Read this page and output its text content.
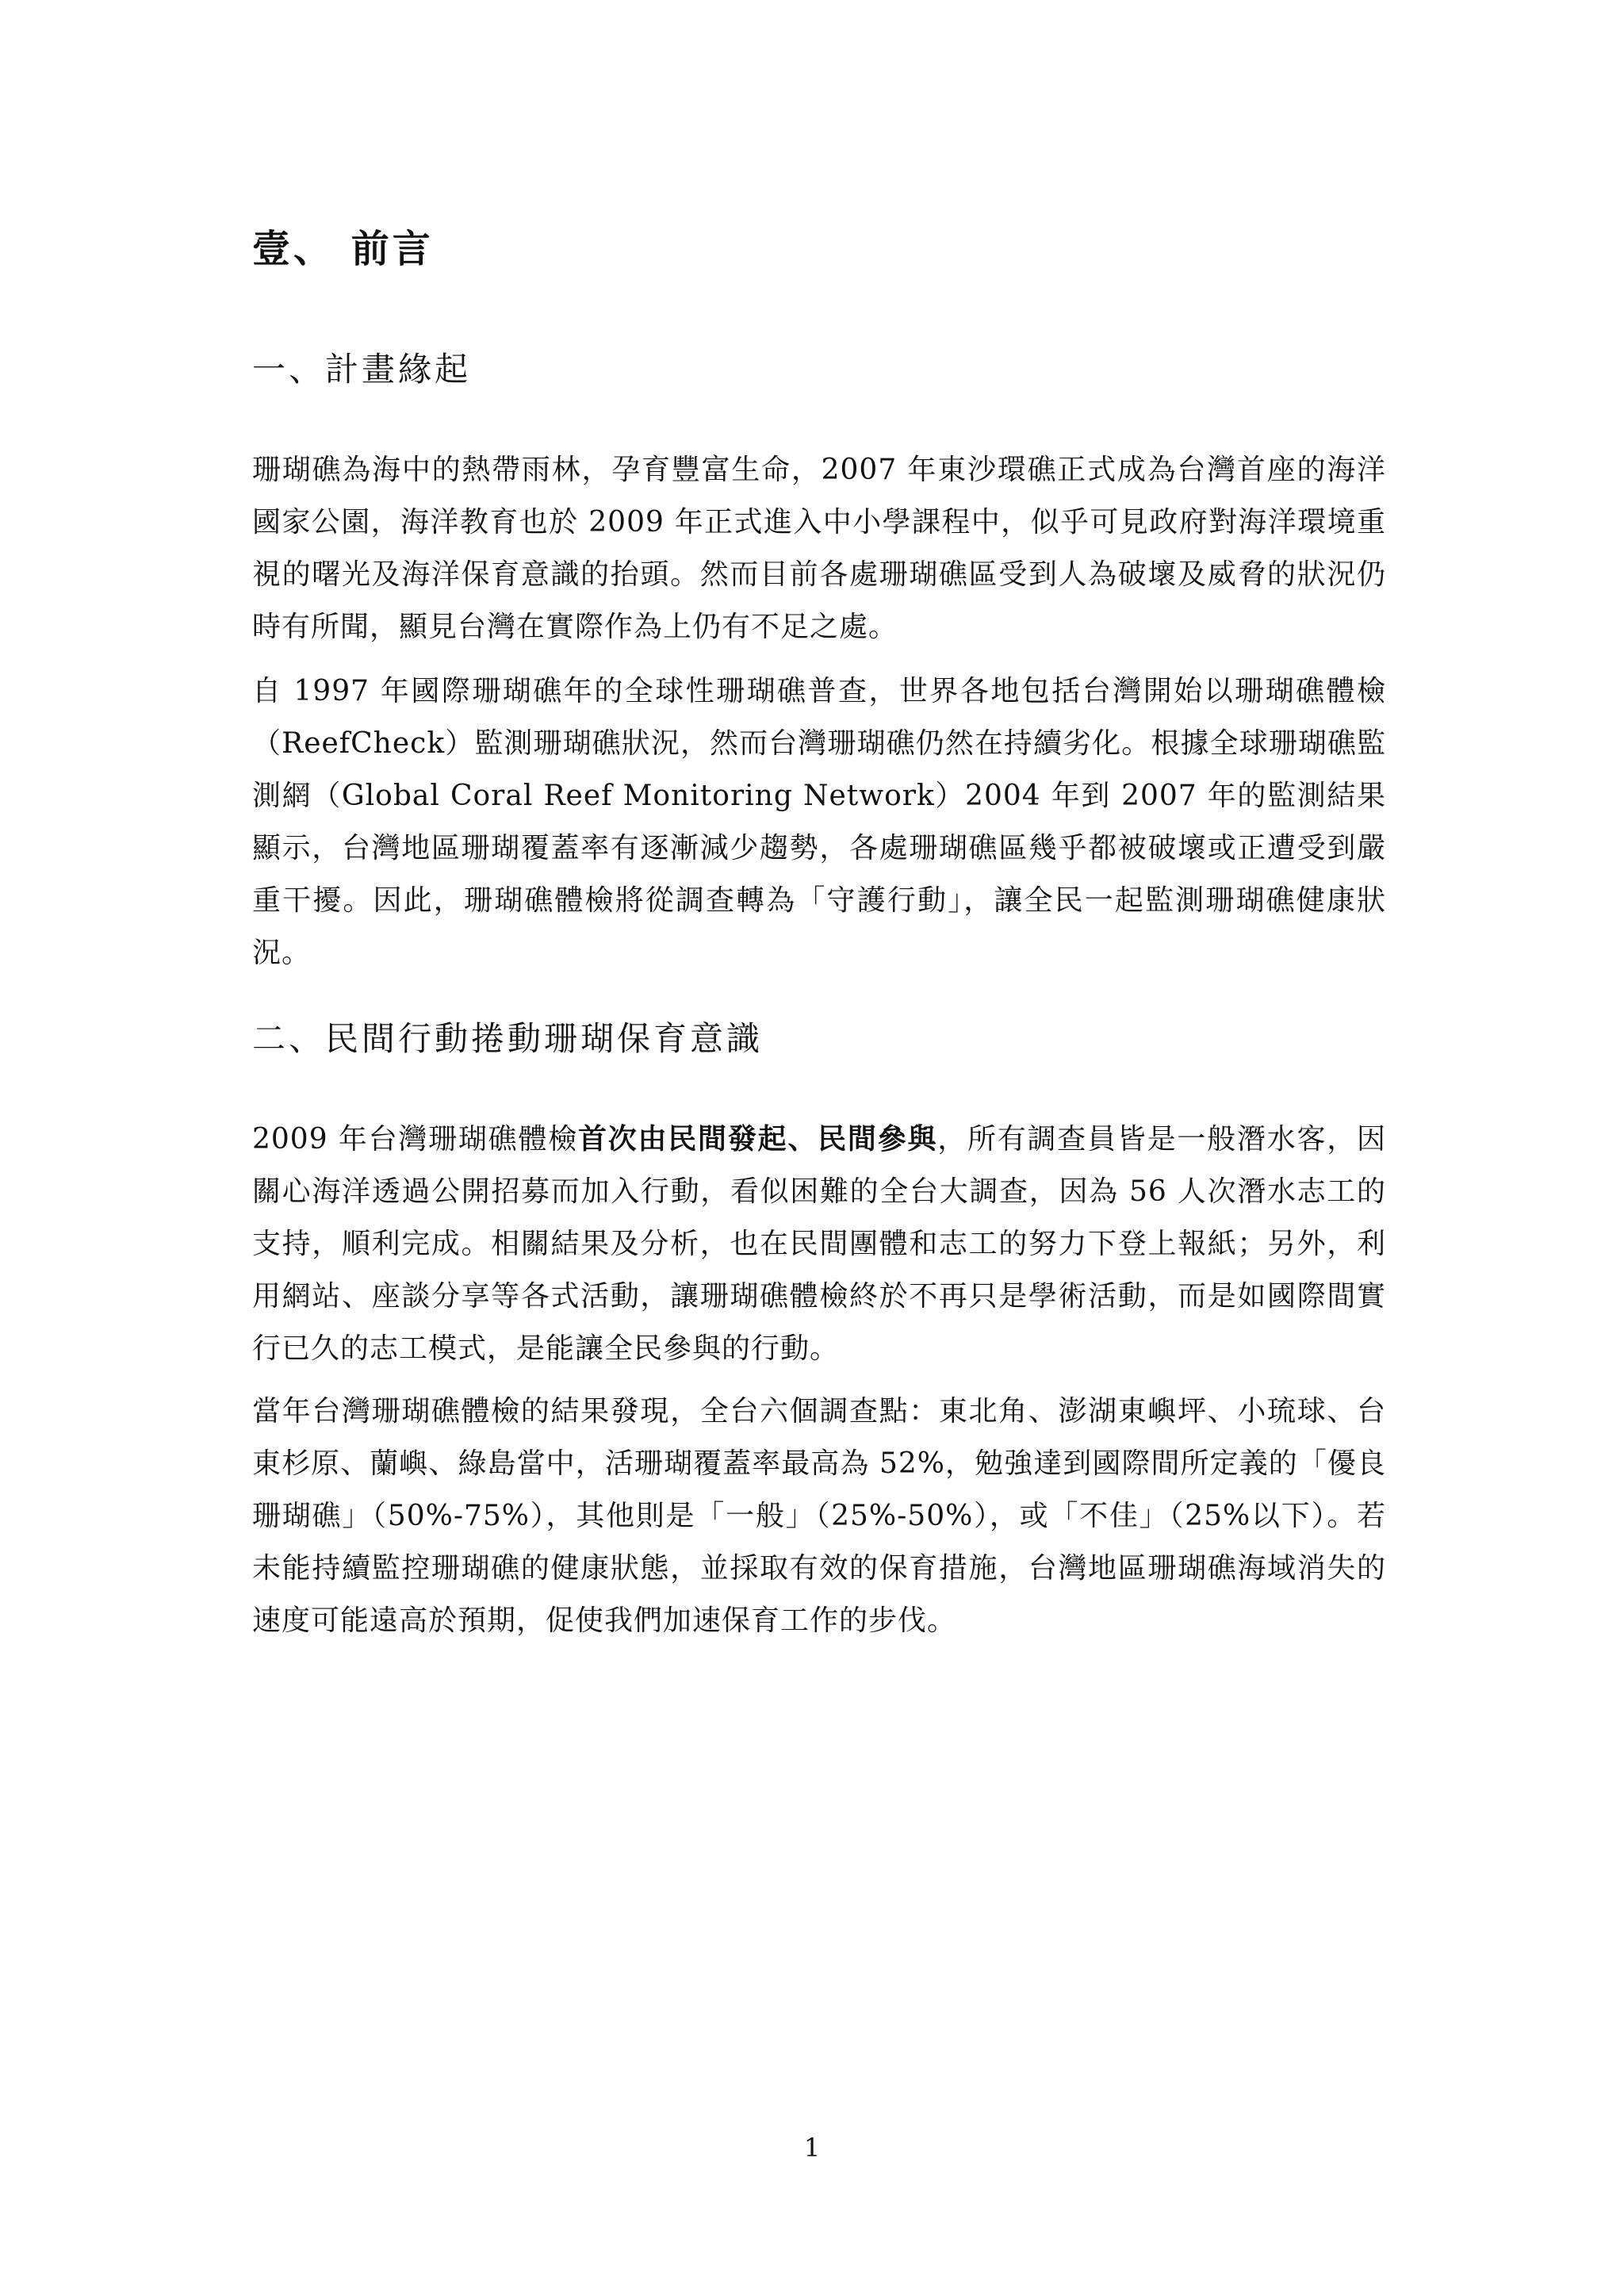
壹、 前言
一、計畫緣起

珊瑚礁為海中的熱帶雨林，孕育豐富生命，2007 年東沙環礁正式成為台灣首座的海洋國家公園，海洋教育也於 2009 年正式進入中小學課程中，似乎可見政府對海洋環境重視的曙光及海洋保育意識的抬頭。然而目前各處珊瑚礁區受到人為破壞及威脅的狀況仍時有所聞，顯見台灣在實際作為上仍有不足之處。

自 1997 年國際珊瑚礁年的全球性珊瑚礁普查，世界各地包括台灣開始以珊瑚礁體檢（ReefCheck）監測珊瑚礁狀況，然而台灣珊瑚礁仍然在持續劣化。根據全球珊瑚礁監測網（Global Coral Reef Monitoring Network）2004 年到 2007 年的監測結果顯示，台灣地區珊瑚覆蓋率有逐漸減少趨勢，各處珊瑚礁區幾乎都被破壞或正遭受到嚴重干擾。因此，珊瑚礁體檢將從調查轉為「守護行動」，讓全民一起監測珊瑚礁健康狀況。

二、民間行動捲動珊瑚保育意識

2009 年台灣珊瑚礁體檢首次由民間發起、民間參與，所有調查員皆是一般潛水客，因關心海洋透過公開招募而加入行動，看似困難的全台大調查，因為 56 人次潛水志工的支持，順利完成。相關結果及分析，也在民間團體和志工的努力下登上報紙；另外，利用網站、座談分享等各式活動，讓珊瑚礁體檢終於不再只是學術活動，而是如國際間實行已久的志工模式，是能讓全民參與的行動。

當年台灣珊瑚礁體檢的結果發現，全台六個調查點：東北角、澎湖東嶼坪、小琉球、台東杉原、蘭嶼、綠島當中，活珊瑚覆蓋率最高為 52%，勉強達到國際間所定義的「優良珊瑚礁」（50%-75%），其他則是「一般」（25%-50%），或「不佳」（25%以下）。若未能持續監控珊瑚礁的健康狀態，並採取有效的保育措施，台灣地區珊瑚礁海域消失的速度可能遠高於預期，促使我們加速保育工作的步伐。

1
